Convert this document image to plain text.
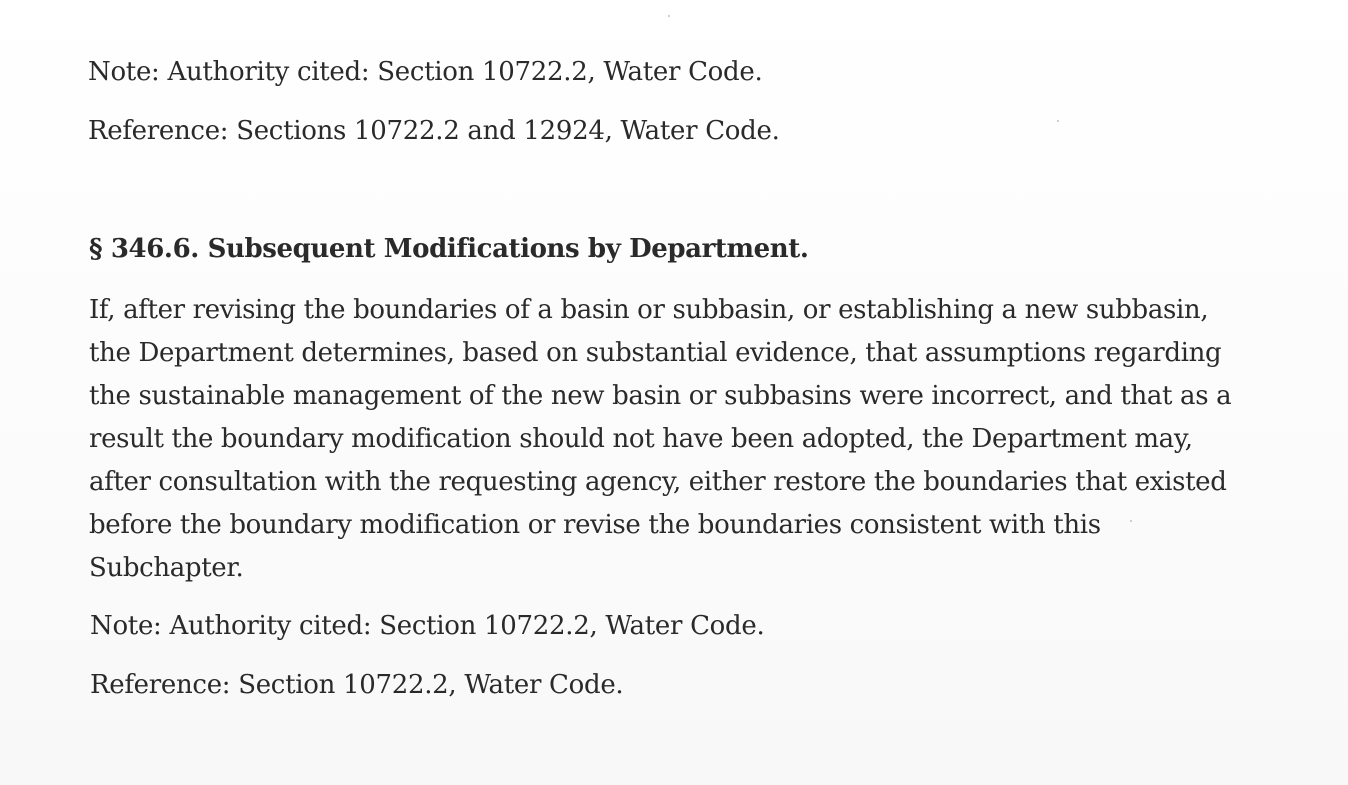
Note: Authority cited: Section 10722.2, Water Code.
Reference: Sections 10722.2 and 12924, Water Code.
§ 346.6. Subsequent Modifications by Department.
If, after revising the boundaries of a basin or subbasin, or establishing a new subbasin,
the Department determines, based on substantial evidence, that assumptions regarding
the sustainable management of the new basin or subbasins were incorrect, and that as a
result the boundary modification should not have been adopted, the Department may,
after consultation with the requesting agency, either restore the boundaries that existed
before the boundary modification or revise the boundaries consistent with this
Subchapter.
Note: Authority cited: Section 10722.2, Water Code.
Reference: Section 10722.2, Water Code.
